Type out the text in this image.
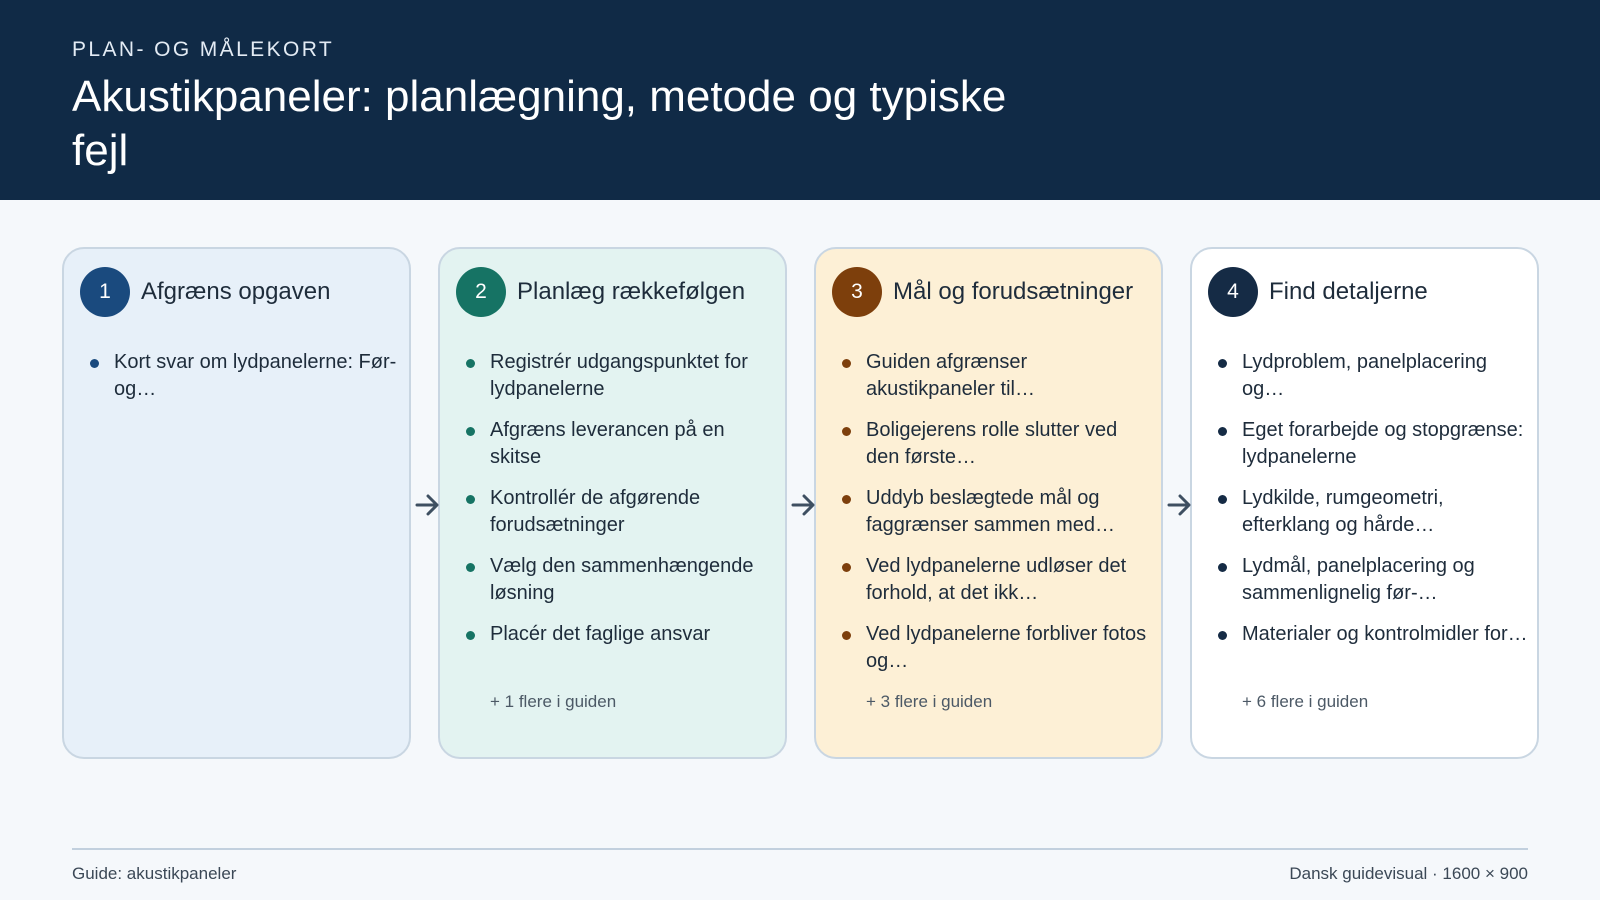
PLAN- OG MÅLEKORT
Akustikpaneler: planlægning, metode og typiske fejl
1	Afgræns opgaven
Kort svar om lydpanelerne: Før- og…
2	Planlæg rækkefølgen
Registrér udgangspunktet for lydpanelerne
Afgræns leverancen på en skitse
Kontrollér de afgørende forudsætninger
Vælg den sammenhængende løsning
Placér det faglige ansvar
+ 1 flere i guiden
3	Mål og forudsætninger
Guiden afgrænser akustikpaneler til…
Boligejerens rolle slutter ved den første…
Uddyb beslægtede mål og faggrænser sammen med…
Ved lydpanelerne udløser det forhold, at det ikk…
Ved lydpanelerne forbliver fotos og…
+ 3 flere i guiden
4	Find detaljerne
Lydproblem, panelplacering og…
Eget forarbejde og stopgrænse: lydpanelerne
Lydkilde, rumgeometri, efterklang og hårde…
Lydmål, panelplacering og sammenlignelig før-…
Materialer og kontrolmidler for…
+ 6 flere i guiden
Guide: akustikpaneler	Dansk guidevisual · 1600 × 900
